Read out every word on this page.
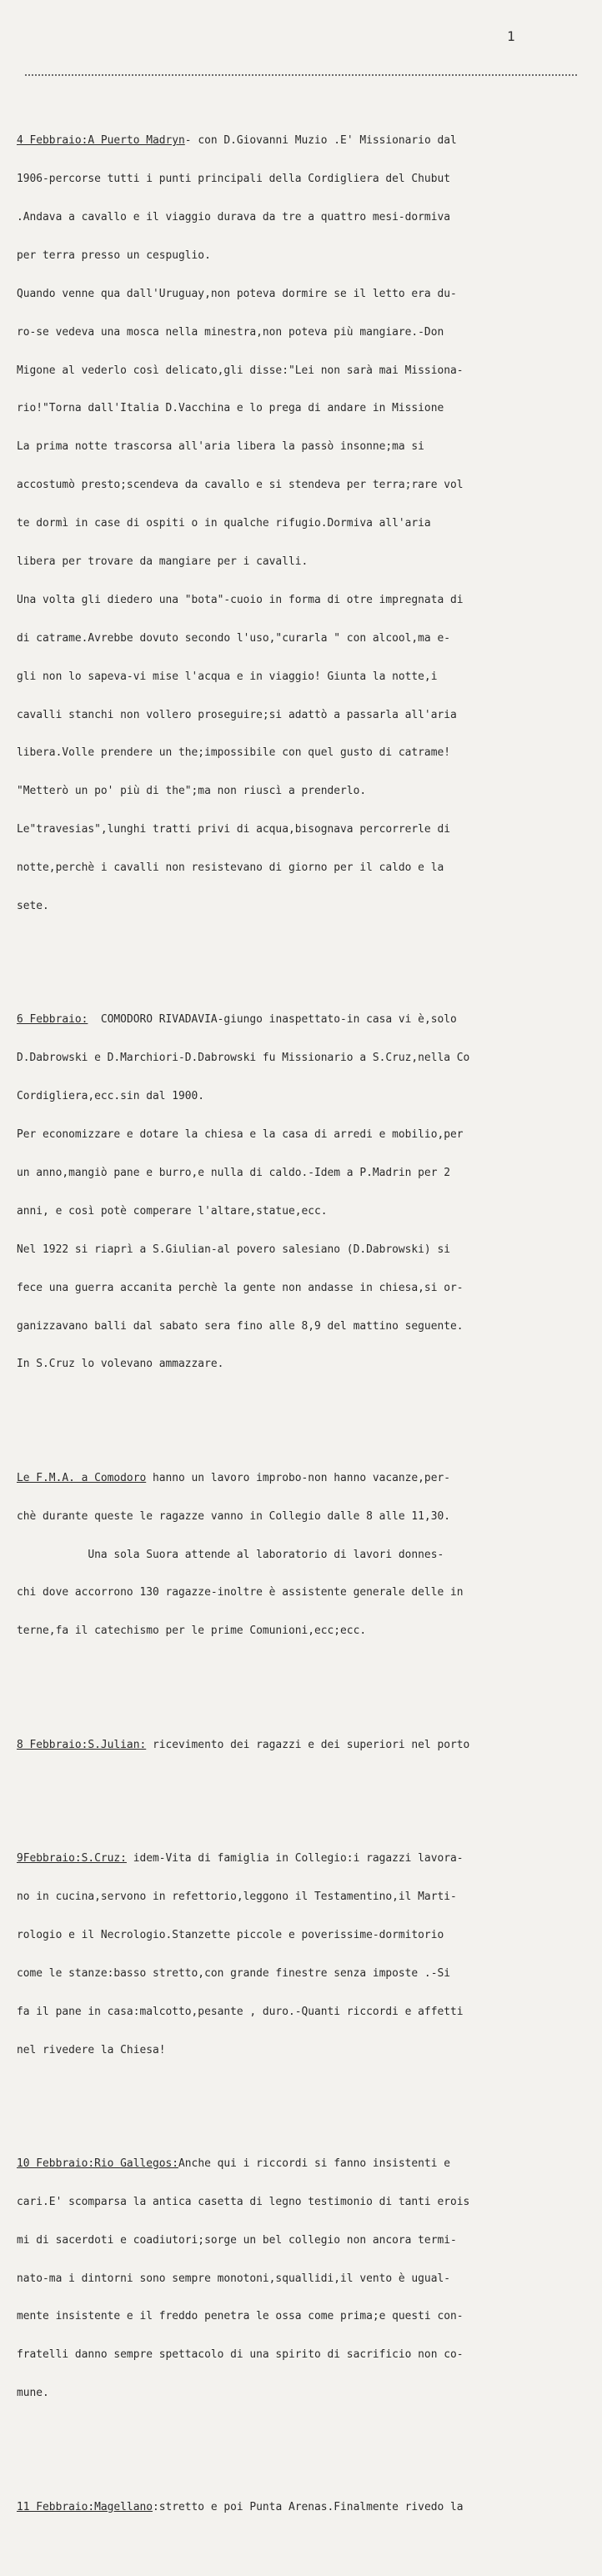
1

4 Febbraio:A Puerto Madryn- con D.Giovanni Muzio .E' Missionario dal

1906-percorse tutti i punti principali della Cordigliera del Chubut

.Andava a cavallo e il viaggio durava da tre a quattro mesi-dormiva

per terra presso un cespuglio.

Quando venne qua dall'Uruguay,non poteva dormire se il letto era du-

ro-se vedeva una mosca nella minestra,non poteva più mangiare.-Don

Migone al vederlo così delicato,gli disse:"Lei non sarà mai Missiona-

rio!"Torna dall'Italia D.Vacchina e lo prega di andare in Missione

La prima notte trascorsa all'aria libera la passò insonne;ma si

accostumò presto;scendeva da cavallo e si stendeva per terra;rare vol

te dormì in case di ospiti o in qualche rifugio.Dormiva all'aria

libera per trovare da mangiare per i cavalli.

Una volta gli diedero una "bota"-cuoio in forma di otre impregnata di

di catrame.Avrebbe dovuto secondo l'uso,"curarla " con alcool,ma e-

gli non lo sapeva-vi mise l'acqua e in viaggio! Giunta la notte,i

cavalli stanchi non vollero proseguire;si adattò a passarla all'aria

libera.Volle prendere un the;impossibile con quel gusto di catrame!

"Metterò un po' più di the";ma non riuscì a prenderlo.

Le"travesias",lunghi tratti privi di acqua,bisognava percorrerle di

notte,perchè i cavalli non resistevano di giorno per il caldo e la

sete.

6 Febbraio:  COMODORO RIVADAVIA-giungo inaspettato-in casa vi è,solo

D.Dabrowski e D.Marchiori-D.Dabrowski fu Missionario a S.Cruz,nella Co

Cordigliera,ecc.sin dal 1900.

Per economizzare e dotare la chiesa e la casa di arredi e mobilio,per

un anno,mangiò pane e burro,e nulla di caldo.-Idem a P.Madrin per 2

anni, e così potè comperare l'altare,statue,ecc.

Nel 1922 si riaprì a S.Giulian-al povero salesiano (D.Dabrowski) si

fece una guerra accanita perchè la gente non andasse in chiesa,si or-

ganizzavano balli dal sabato sera fino alle 8,9 del mattino seguente.

In S.Cruz lo volevano ammazzare.

Le F.M.A. a Comodoro hanno un lavoro improbo-non hanno vacanze,per-

chè durante queste le ragazze vanno in Collegio dalle 8 alle 11,30.

Una sola Suora attende al laboratorio di lavori donnes-

chi dove accorrono 130 ragazze-inoltre è assistente generale delle in

terne,fa il catechismo per le prime Comunioni,ecc;ecc.

8 Febbraio:S.Julian: ricevimento dei ragazzi e dei superiori nel porto

9Febbraio:S.Cruz: idem-Vita di famiglia in Collegio:i ragazzi lavora-

no in cucina,servono in refettorio,leggono il Testamentino,il Marti-

rologio e il Necrologio.Stanzette piccole e poverissime-dormitorio

come le stanze:basso stretto,con grande finestre senza imposte .-Si

fa il pane in casa:malcotto,pesante , duro.-Quanti riccordi e affetti

nel rivedere la Chiesa!

10 Febbraio:Rio Gallegos:Anche qui i riccordi si fanno insistenti e

cari.E' scomparsa la antica casetta di legno testimonio di tanti erois

mi di sacerdoti e coadiutori;sorge un bel collegio non ancora termi-

nato-ma i dintorni sono sempre monotoni,squallidi,il vento è ugual-

mente insistente e il freddo penetra le ossa come prima;e questi con-

fratelli danno sempre spettacolo di una spirito di sacrificio non co-

mune.

11 Febbraio:Magellano:stretto e poi Punta Arenas.Finalmente rivedo la
